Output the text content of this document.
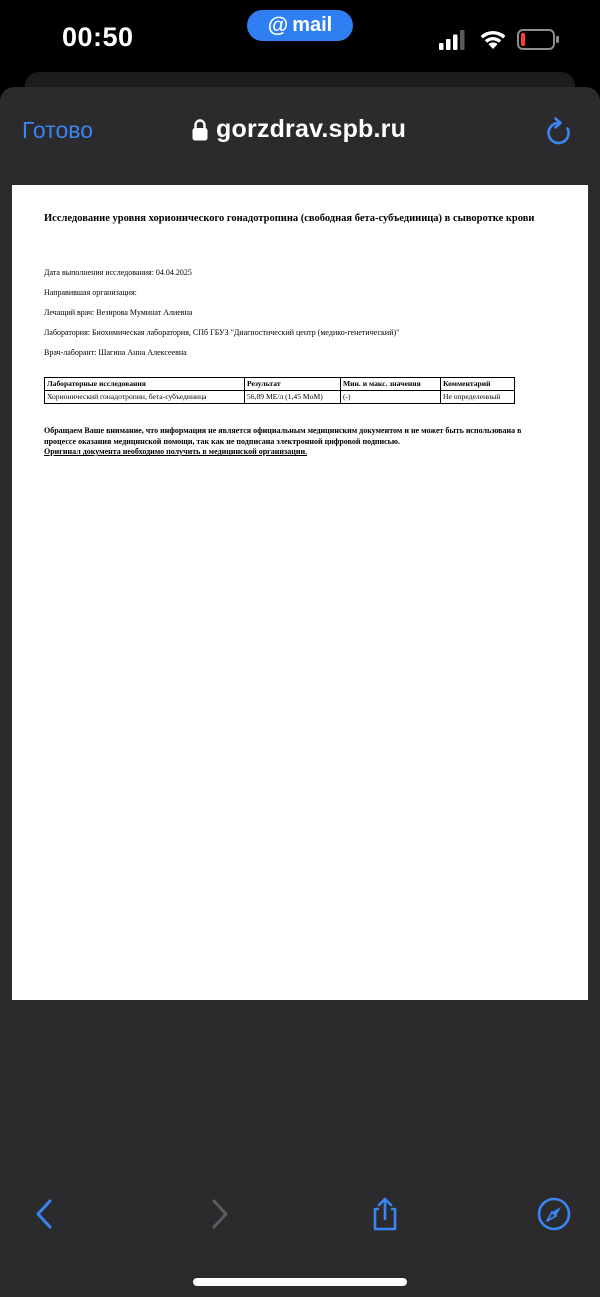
00:50	@ mail
Готово	gorzdrav.spb.ru
Исследование уровня хорионического гонадотропина (свободная бета-субъединица) в сыворотке крови
Дата выполнения исследования: 04.04.2025
Направившая организация:
Лечащий врач: Везирова Муминат Алиевна
Лаборатория: Биохимическая лаборатория, СПб ГБУЗ "Диагностический центр (медико-генетический)"
Врач-лаборант: Шагина Анна Алексеевна
Лабораторные исследования	Результат	Мин. и макс. значения	Комментарий
Хорионический гонадотропин, бета-субъединица	56,89 МЕ/л (1,45 MoM)	(-)	Не определенный
Обращаем Ваше внимание, что информация не является официальным медицинским документом и не может быть использована в процессе оказания медицинской помощи, так как не подписана электронной цифровой подписью.
Оригинал документа необходимо получить в медицинской организации.
